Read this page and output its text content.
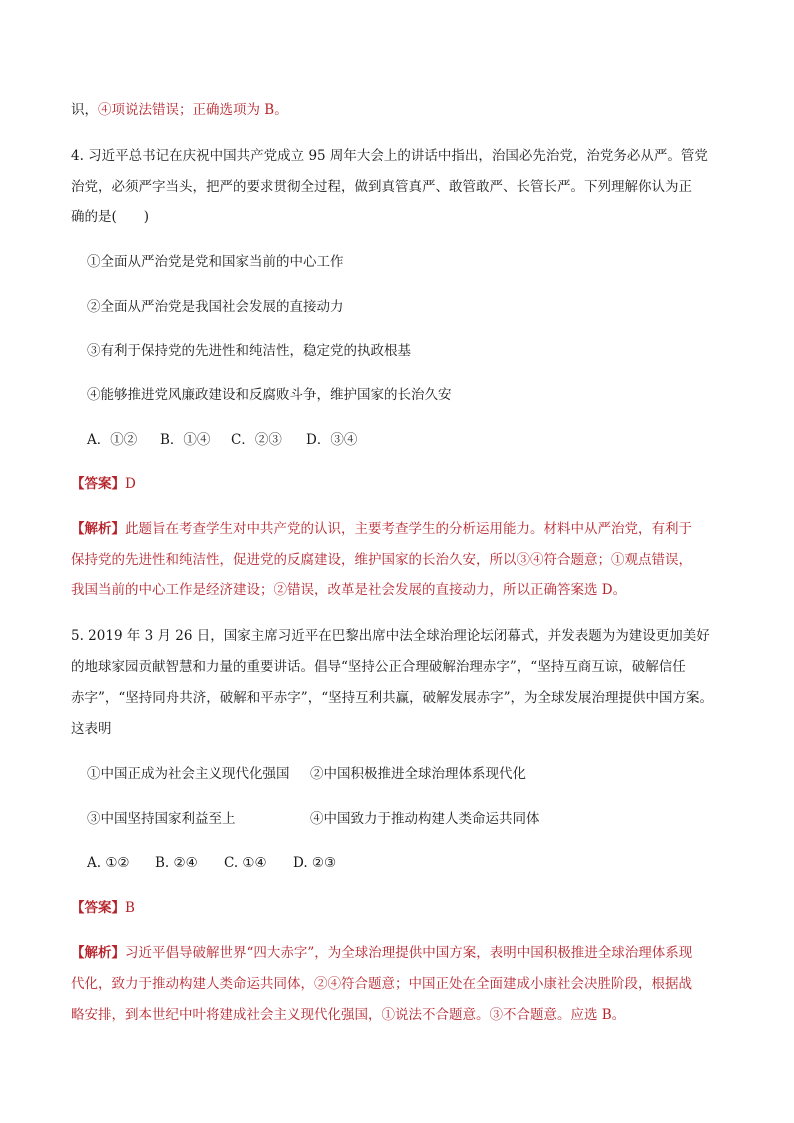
识，④项说法错误；正确选项为 B。
4. 习近平总书记在庆祝中国共产党成立 95 周年大会上的讲话中指出，治国必先治党，治党务必从严。管党
治党，必须严字当头，把严的要求贯彻全过程，做到真管真严、敢管敢严、长管长严。下列理解你认为正
确的是(　　)
①全面从严治党是党和国家当前的中心工作
②全面从严治党是我国社会发展的直接动力
③有利于保持党的先进性和纯洁性，稳定党的执政根基
④能够推进党风廉政建设和反腐败斗争，维护国家的长治久安
A．①② B．①④ C．②③ D．③④
【答案】D
【解析】此题旨在考查学生对中共产党的认识，主要考查学生的分析运用能力。材料中从严治党，有利于
保持党的先进性和纯洁性，促进党的反腐建设，维护国家的长治久安，所以③④符合题意；①观点错误，
我国当前的中心工作是经济建设；②错误，改革是社会发展的直接动力，所以正确答案选 D。
5. 2019 年 3 月 26 日，国家主席习近平在巴黎出席中法全球治理论坛闭幕式，并发表题为为建设更加美好
的地球家园贡献智慧和力量的重要讲话。倡导“坚持公正合理破解治理赤字”，“坚持互商互谅，破解信任
赤字”，“坚持同舟共济，破解和平赤字”，“坚持互利共赢，破解发展赤字”，为全球发展治理提供中国方案。
这表明
①中国正成为社会主义现代化强国 ②中国积极推进全球治理体系现代化
③中国坚持国家利益至上	④中国致力于推动构建人类命运共同体
A. ①② B. ②④ C. ①④ D. ②③
【答案】B
【解析】习近平倡导破解世界“四大赤字”，为全球治理提供中国方案，表明中国积极推进全球治理体系现
代化，致力于推动构建人类命运共同体，②④符合题意；中国正处在全面建成小康社会决胜阶段，根据战
略安排，到本世纪中叶将建成社会主义现代化强国，①说法不合题意。③不合题意。应选 B。
